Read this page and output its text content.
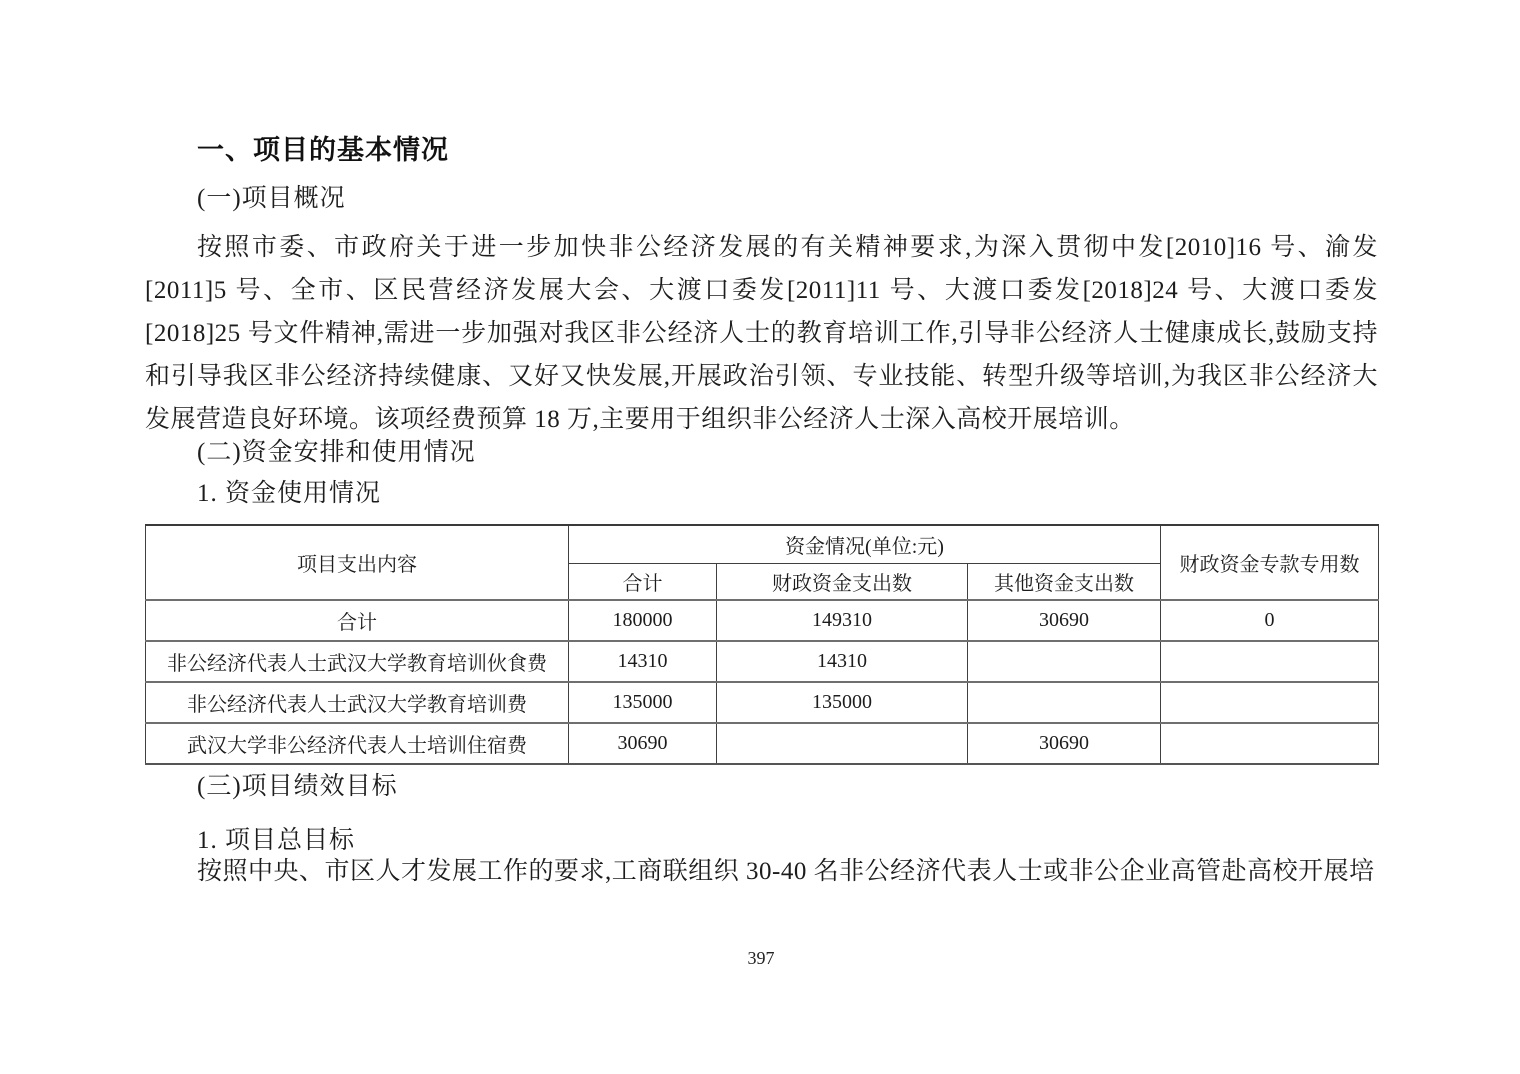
一、项目的基本情况

(一)项目概况

按照市委、市政府关于进一步加快非公经济发展的有关精神要求,为深入贯彻中发[2010]16 号、渝发[2011]5 号、全市、区民营经济发展大会、大渡口委发[2011]11 号、大渡口委发[2018]24 号、大渡口委发[2018]25 号文件精神,需进一步加强对我区非公经济人士的教育培训工作,引导非公经济人士健康成长,鼓励支持和引导我区非公经济持续健康、又好又快发展,开展政治引领、专业技能、转型升级等培训,为我区非公经济大发展营造良好环境。该项经费预算 18 万,主要用于组织非公经济人士深入高校开展培训。

(二)资金安排和使用情况

1. 资金使用情况

项目支出内容	资金情况(单位:元)			财政资金专款专用数
	合计	财政资金支出数	其他资金支出数	
合计	180000	149310	30690	0
非公经济代表人士武汉大学教育培训伙食费	14310	14310		
非公经济代表人士武汉大学教育培训费	135000	135000		
武汉大学非公经济代表人士培训住宿费	30690		30690	

(三)项目绩效目标

1. 项目总目标

按照中央、市区人才发展工作的要求,工商联组织 30-40 名非公经济代表人士或非公企业高管赴高校开展培

397
